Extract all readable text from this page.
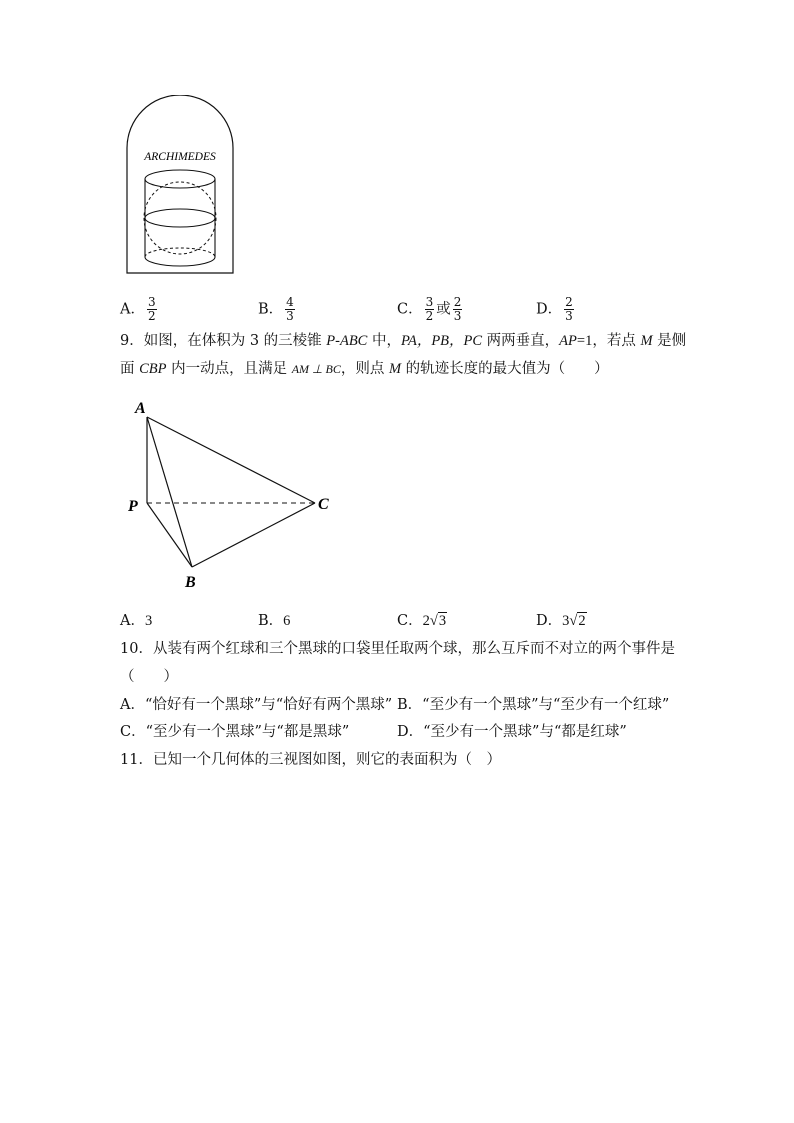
ARCHIMEDES
A． $\frac{3}{2}$	B． $\frac{4}{3}$	C． $\frac{3}{2}$ 或 $\frac{2}{3}$	D． $\frac{2}{3}$
9．如图，在体积为 3 的三棱锥 P-ABC 中，PA，PB，PC 两两垂直，AP=1，若点 M 是侧
面 CBP 内一动点，且满足 AM ⊥ BC，则点 M 的轨迹长度的最大值为（　　）
A
P
B
C
A．3	B．6	C．2√3	D．3√2
10．从装有两个红球和三个黑球的口袋里任取两个球，那么互斥而不对立的两个事件是
（　　）
A．“恰好有一个黑球”与“恰好有两个黑球” B．“至少有一个黑球”与“至少有一个红球”
C．“至少有一个黑球”与“都是黑球”	D．“至少有一个黑球”与“都是红球”
11．已知一个几何体的三视图如图，则它的表面积为（　）
